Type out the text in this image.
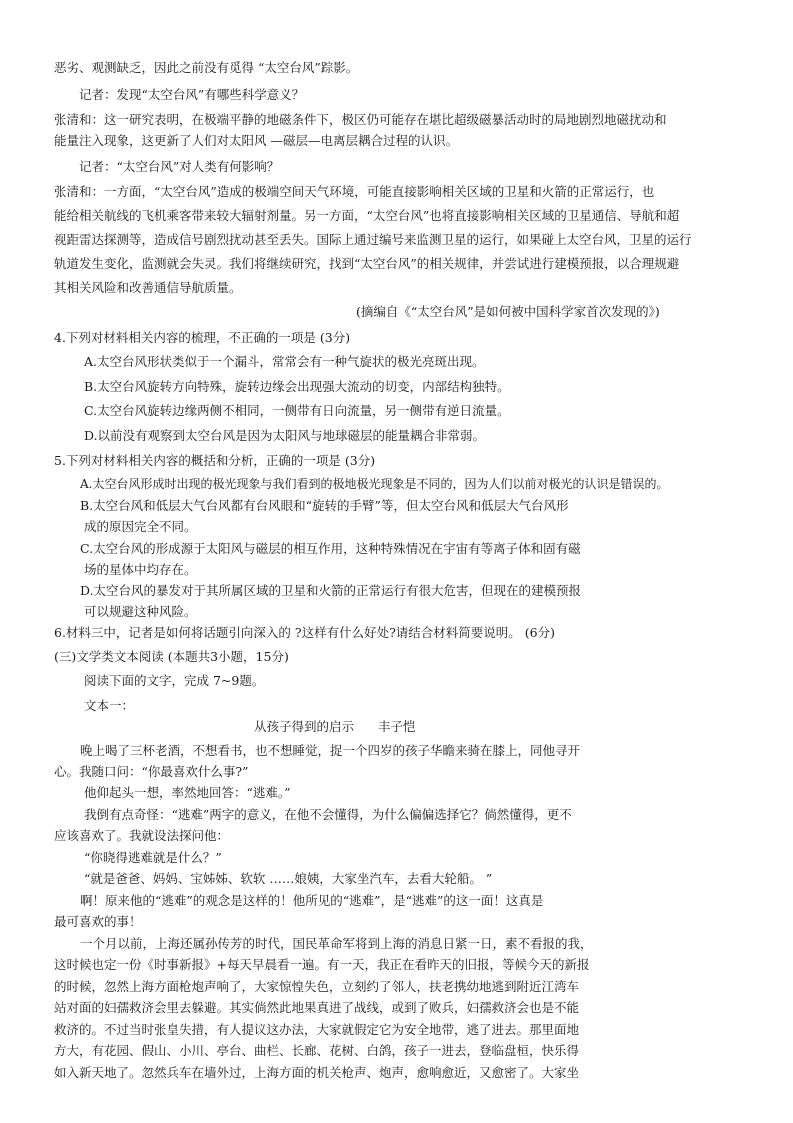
恶劣、观测缺乏，因此之前没有觅得 “太空台风”踪影。

记者：发现“太空台风”有哪些科学意义？

张清和：这一研究表明，在极端平静的地磁条件下，极区仍可能存在堪比超级磁暴活动时的局地剧烈地磁扰动和

能量注入现象，这更新了人们对太阳风 —磁层—电离层耦合过程的认识。

记者：“太空台风”对人类有何影响？

张清和：一方面，“太空台风”造成的极端空间天气环境，可能直接影响相关区域的卫星和火箭的正常运行，也

能给相关航线的飞机乘客带来较大辐射剂量。另一方面，“太空台风”也将直接影响相关区域的卫星通信、导航和超

视距雷达探测等，造成信号剧烈扰动甚至丢失。国际上通过编号来监测卫星的运行，如果碰上太空台风，卫星的运行

轨道发生变化，监测就会失灵。我们将继续研究，找到“太空台风”的相关规律，并尝试进行建模预报，以合理规避

其相关风险和改善通信导航质量。

(摘编自《“太空台风”是如何被中国科学家首次发现的》)

4.下列对材料相关内容的梳理，不正确的一项是 (3分)

A.太空台风形状类似于一个漏斗，常常会有一种气旋状的极光亮斑出现。

B.太空台风旋转方向特殊，旋转边缘会出现强大流动的切变，内部结构独特。

C.太空台风旋转边缘两侧不相同，一侧带有日向流量，另一侧带有逆日流量。

D.以前没有观察到太空台风是因为太阳风与地球磁层的能量耦合非常弱。

5.下列对材料相关内容的概括和分析，正确的一项是 (3分)

A.太空台风形成时出现的极光现象与我们看到的极地极光现象是不同的，因为人们以前对极光的认识是错误的。

B.太空台风和低层大气台风都有台风眼和“旋转的手臂”等，但太空台风和低层大气台风形

成的原因完全不同。

C.太空台风的形成源于太阳风与磁层的相互作用，这种特殊情况在宇宙有等离子体和固有磁

场的星体中均存在。

D.太空台风的暴发对于其所属区域的卫星和火箭的正常运行有很大危害，但现在的建模预报

可以规避这种风险。

6.材料三中，记者是如何将话题引向深入的 ?这样有什么好处?请结合材料简要说明。 (6分)

(三)文学类文本阅读 (本题共3小题，15分)

阅读下面的文字，完成 7~9题。

文本一：

从孩子得到的启示      丰子恺

晚上喝了三杯老酒，不想看书，也不想睡觉，捉一个四岁的孩子华瞻来骑在膝上，同他寻开

心。我随口问：“你最喜欢什么事?”

他仰起头一想，率然地回答：“逃难。”

我倒有点奇怪：“逃难”两字的意义，在他不会懂得，为什么偏偏选择它？倘然懂得，更不

应该喜欢了。我就设法探问他：

“你晓得逃难就是什么？”

“就是爸爸、妈妈、宝姊姊、软软 ……娘姨，大家坐汽车，去看大轮船。 ”

啊！原来他的“逃难”的观念是这样的！他所见的“逃难”，是“逃难”的这一面！这真是

最可喜欢的事！

一个月以前，上海还属孙传芳的时代，国民革命军将到上海的消息日紧一日，素不看报的我，

这时候也定一份《时事新报》+每天早晨看一遍。有一天，我正在看昨天的旧报，等候今天的新报

的时候，忽然上海方面枪炮声响了，大家惊惶失色，立刻约了邻人，扶老携幼地逃到附近江湾车

站对面的妇孺救济会里去躲避。其实倘然此地果真进了战线，或到了败兵，妇孺救济会也是不能

救济的。不过当时张皇失措，有人提议这办法，大家就假定它为安全地带，逃了进去。那里面地

方大，有花园、假山、小川、亭台、曲栏、长廊、花树、白鸽，孩子一进去，登临盘桓，快乐得

如入新天地了。忽然兵车在墙外过，上海方面的机关枪声、炮声，愈响愈近，又愈密了。大家坐
